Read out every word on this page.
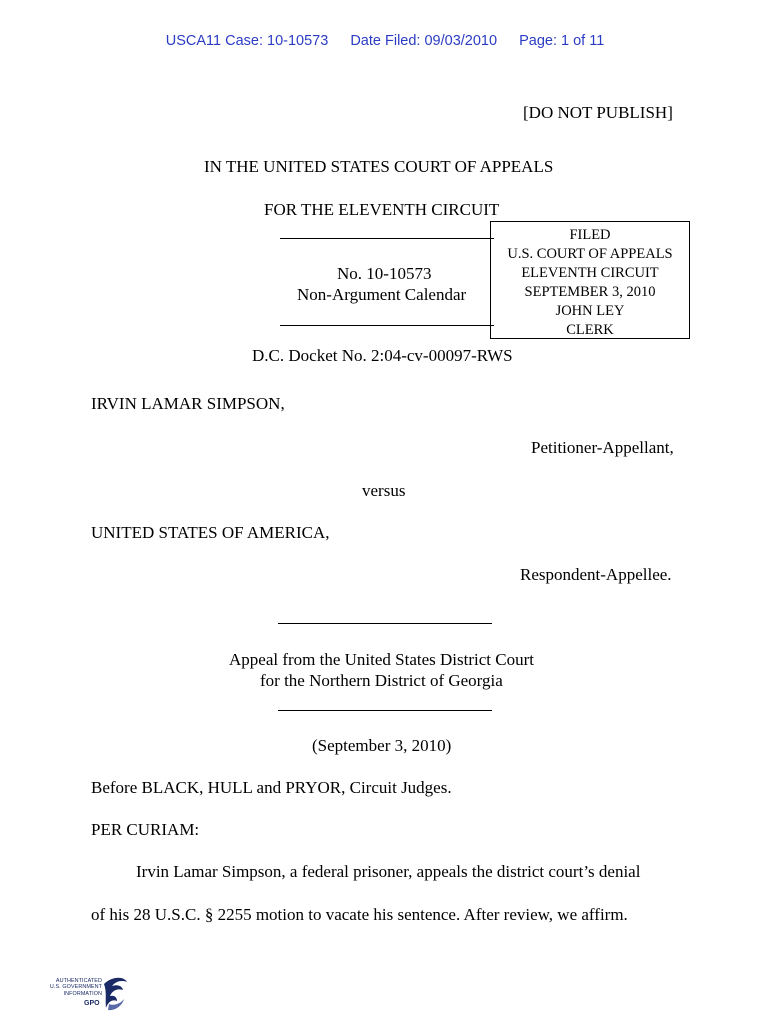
USCA11 Case: 10-10573 Date Filed: 09/03/2010 Page: 1 of 11
[DO NOT PUBLISH]
IN THE UNITED STATES COURT OF APPEALS
FOR THE ELEVENTH CIRCUIT
No. 10-10573
Non-Argument Calendar
FILED
U.S. COURT OF APPEALS
ELEVENTH CIRCUIT
SEPTEMBER 3, 2010
JOHN LEY
CLERK
D.C. Docket No. 2:04-cv-00097-RWS
IRVIN LAMAR SIMPSON,
Petitioner-Appellant,
versus
UNITED STATES OF AMERICA,
Respondent-Appellee.
Appeal from the United States District Court
for the Northern District of Georgia
(September 3, 2010)
Before BLACK, HULL and PRYOR, Circuit Judges.
PER CURIAM:
Irvin Lamar Simpson, a federal prisoner, appeals the district court’s denial
of his 28 U.S.C. § 2255 motion to vacate his sentence. After review, we affirm.
AUTHENTICATED
U.S. GOVERNMENT
INFORMATION
GPO
